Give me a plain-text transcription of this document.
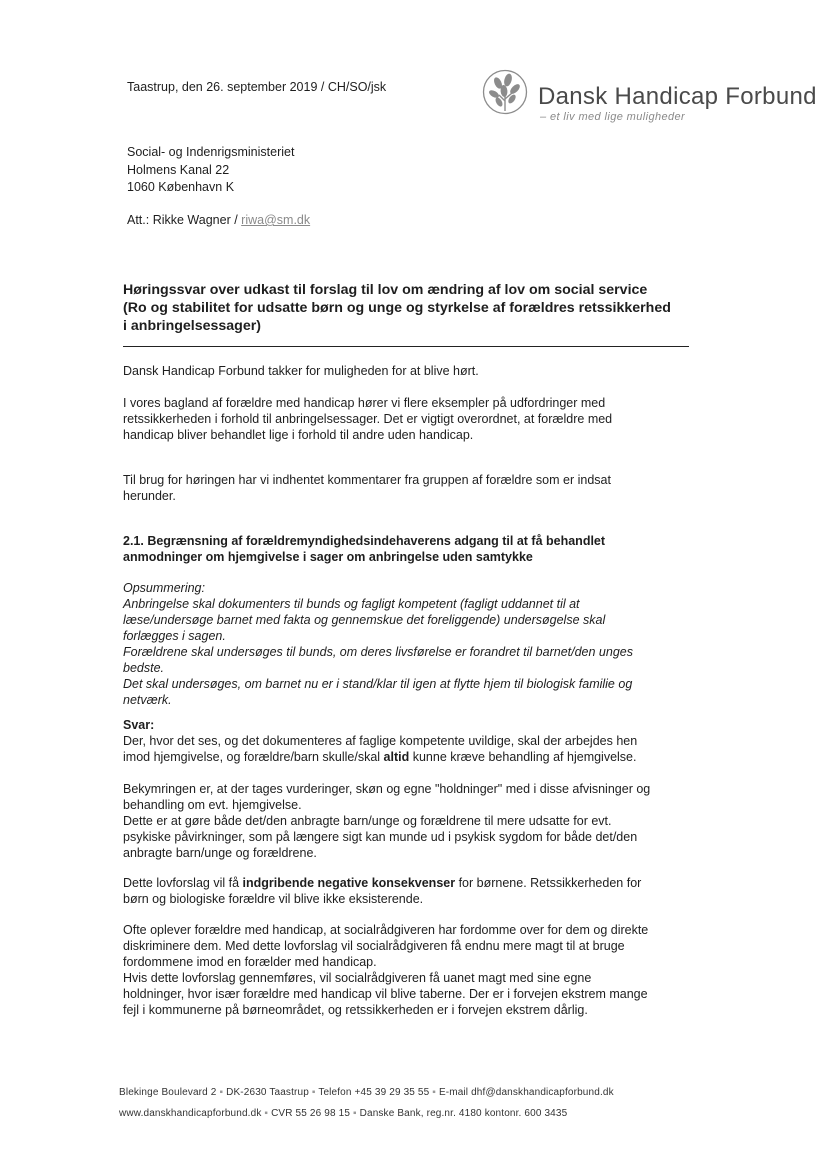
Taastrup, den 26. september 2019 / CH/SO/jsk	Dansk Handicap Forbund
– et liv med lige muligheder
Social- og Indenrigsministeriet
Holmens Kanal 22
1060 København K
Att.: Rikke Wagner / riwa@sm.dk
Høringssvar over udkast til forslag til lov om ændring af lov om social service
(Ro og stabilitet for udsatte børn og unge og styrkelse af forældres retssikkerhed
i anbringelsessager)

Dansk Handicap Forbund takker for muligheden for at blive hørt.

I vores bagland af forældre med handicap hører vi flere eksempler på udfordringer med

retssikkerheden i forhold til anbringelsessager. Det er vigtigt overordnet, at forældre med

handicap bliver behandlet lige i forhold til andre uden handicap.

Til brug for høringen har vi indhentet kommentarer fra gruppen af forældre som er indsat

herunder.

2.1. Begrænsning af forældremyndighedsindehaverens adgang til at få behandlet
anmodninger om hjemgivelse i sager om anbringelse uden samtykke

Opsummering:

Anbringelse skal dokumenters til bunds og fagligt kompetent (fagligt uddannet til at

læse/undersøge barnet med fakta og gennemskue det foreliggende) undersøgelse skal

forlægges i sagen.

Forældrene skal undersøges til bunds, om deres livsførelse er forandret til barnet/den unges

bedste.

Det skal undersøges, om barnet nu er i stand/klar til igen at flytte hjem til biologisk familie og

netværk.

Svar:

Der, hvor det ses, og det dokumenteres af faglige kompetente uvildige, skal der arbejdes hen

imod hjemgivelse, og forældre/barn skulle/skal altid kunne kræve behandling af hjemgivelse.

Bekymringen er, at der tages vurderinger, skøn og egne "holdninger" med i disse afvisninger og

behandling om evt. hjemgivelse.

Dette er at gøre både det/den anbragte barn/unge og forældrene til mere udsatte for evt.

psykiske påvirkninger, som på længere sigt kan munde ud i psykisk sygdom for både det/den

anbragte barn/unge og forældrene.

Dette lovforslag vil få indgribende negative konsekvenser for børnene. Retssikkerheden for

børn og biologiske forældre vil blive ikke eksisterende.

Ofte oplever forældre med handicap, at socialrådgiveren har fordomme over for dem og direkte

diskriminere dem. Med dette lovforslag vil socialrådgiveren få endnu mere magt til at bruge

fordommene imod en forælder med handicap.

Hvis dette lovforslag gennemføres, vil socialrådgiveren få uanet magt med sine egne

holdninger, hvor især forældre med handicap vil blive taberne. Der er i forvejen ekstrem mange

fejl i kommunerne på børneområdet, og retssikkerheden er i forvejen ekstrem dårlig.

Blekinge Boulevard 2 ▪ DK-2630 Taastrup ▪ Telefon +45 39 29 35 55 ▪ E-mail dhf@danskhandicapforbund.dk
www.danskhandicapforbund.dk ▪ CVR 55 26 98 15 ▪ Danske Bank, reg.nr. 4180 kontonr. 600 3435
